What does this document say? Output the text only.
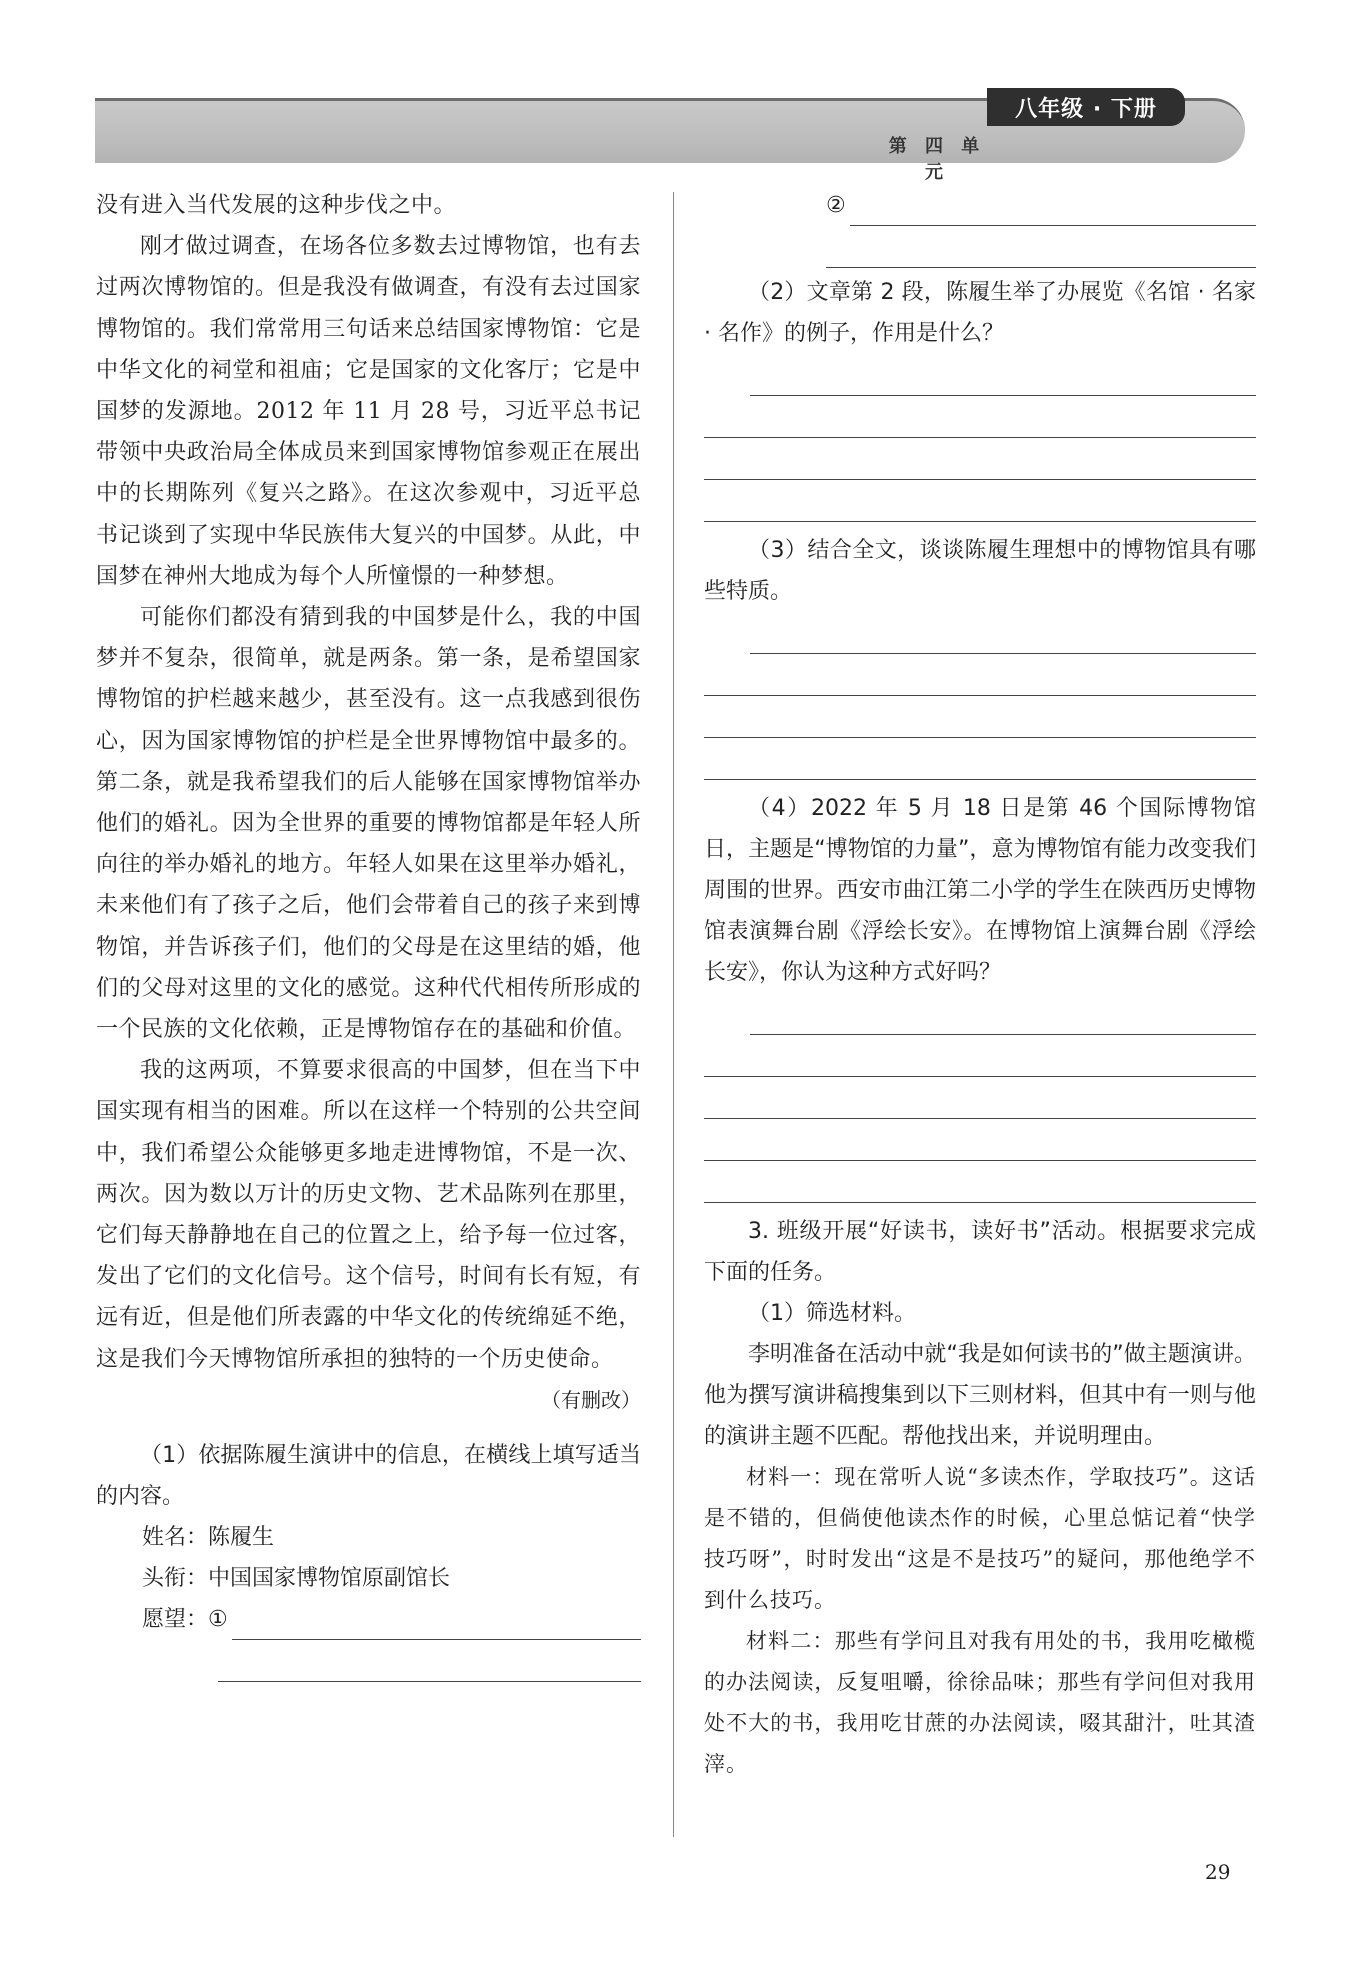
八年级 · 下册
第 四 单 元

没有进入当代发展的这种步伐之中。

刚才做过调查，在场各位多数去过博物馆，也有去过两次博物馆的。但是我没有做调查，有没有去过国家博物馆的。我们常常用三句话来总结国家博物馆：它是中华文化的祠堂和祖庙；它是国家的文化客厅；它是中国梦的发源地。2012 年 11 月 28 号，习近平总书记带领中央政治局全体成员来到国家博物馆参观正在展出中的长期陈列《复兴之路》。在这次参观中，习近平总书记谈到了实现中华民族伟大复兴的中国梦。从此，中国梦在神州大地成为每个人所憧憬的一种梦想。

可能你们都没有猜到我的中国梦是什么，我的中国梦并不复杂，很简单，就是两条。第一条，是希望国家博物馆的护栏越来越少，甚至没有。这一点我感到很伤心，因为国家博物馆的护栏是全世界博物馆中最多的。第二条，就是我希望我们的后人能够在国家博物馆举办他们的婚礼。因为全世界的重要的博物馆都是年轻人所向往的举办婚礼的地方。年轻人如果在这里举办婚礼，未来他们有了孩子之后，他们会带着自己的孩子来到博物馆，并告诉孩子们，他们的父母是在这里结的婚，他们的父母对这里的文化的感觉。这种代代相传所形成的一个民族的文化依赖，正是博物馆存在的基础和价值。

我的这两项，不算要求很高的中国梦，但在当下中国实现有相当的困难。所以在这样一个特别的公共空间中，我们希望公众能够更多地走进博物馆，不是一次、两次。因为数以万计的历史文物、艺术品陈列在那里，它们每天静静地在自己的位置之上，给予每一位过客，发出了它们的文化信号。这个信号，时间有长有短，有远有近，但是他们所表露的中华文化的传统绵延不绝，这是我们今天博物馆所承担的独特的一个历史使命。

（有删改）

（1）依据陈履生演讲中的信息，在横线上填写适当的内容。

姓名：陈履生

头衔：中国国家博物馆原副馆长

愿望：①

②

（2）文章第 2 段，陈履生举了办展览《名馆 · 名家 · 名作》的例子，作用是什么？

（3）结合全文，谈谈陈履生理想中的博物馆具有哪些特质。

（4）2022 年 5 月 18 日是第 46 个国际博物馆日，主题是“博物馆的力量”，意为博物馆有能力改变我们周围的世界。西安市曲江第二小学的学生在陕西历史博物馆表演舞台剧《浮绘长安》。在博物馆上演舞台剧《浮绘长安》，你认为这种方式好吗？

3. 班级开展“好读书，读好书”活动。根据要求完成下面的任务。

（1）筛选材料。

李明准备在活动中就“我是如何读书的”做主题演讲。他为撰写演讲稿搜集到以下三则材料，但其中有一则与他的演讲主题不匹配。帮他找出来，并说明理由。

材料一：现在常听人说“多读杰作，学取技巧”。这话是不错的，但倘使他读杰作的时候，心里总惦记着“快学技巧呀”，时时发出“这是不是技巧”的疑问，那他绝学不到什么技巧。

材料二：那些有学问且对我有用处的书，我用吃橄榄的办法阅读，反复咀嚼，徐徐品味；那些有学问但对我用处不大的书，我用吃甘蔗的办法阅读，啜其甜汁，吐其渣滓。

29
